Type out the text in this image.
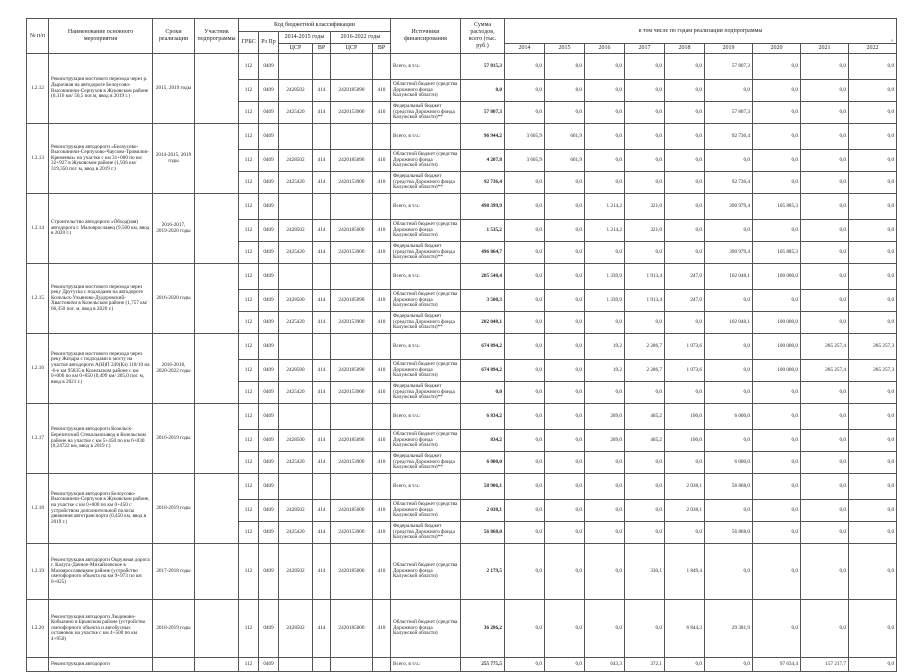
'
№ п/п	Наименование основного мероприятия	Сроки реализации	Участник подпрограммы	Код бюджетной классификации						Источники финансирования	Сумма расходов, всего (тыс. руб.)	в том числе по годам реализации подпрограммы								
				ГРБС	Рз Пр	2014-2015 годы		2016-2022 годы												
						ЦСР	ВР	ЦСР	ВР			2014	2015	2016	2017	2018	2019	2020	2021	2022
1.2.12	Реконструкция мостового перехода через р. Дырочная на автодороге Белоусово-Высокиничи-Серпухов в Жуковском районе (0,316 км/ 50,5 пог.м, ввод в 2019 г.)	2015, 2019 годы		112	0409					Всего, в т.ч.:	57 815,3	0,0	8,0	0,0	0,0	0,0	57 807,3	0,0	0,0	0,0
				112	0409	2428502	414	2420185090	410	Областной бюджет (средства Дорожного фонда Калужской области)	8,0	0,0	8,0	0,0	0,0	0,0	0,0	0,0	0,0	0,0
				112	0409	2425420	414	2420153900	410	Федеральный бюджет (средства Дорожного фонда Калужской области)**	57 807,3	0,0	0,0	0,0	0,0	0,0	57 807,3	0,0	0,0	0,0
1.2.13	Реконструкция автодороги «Белоусово-Высокиничи-Серпухово-Чаусово-Тровилов-Кременки» на участке с км 31+000 по км 32+927 в Жуковском районе (1,936 км/ 319,350 пог. м, ввод в 2019 г.)	2014-2015, 2019 годы		112	0409					Всего, в т.ч.:	96 944,2	3 605,9	601,9	0,0	0,0	0,0	92 736,4	0,0	0,0	0,0
				112	0409	2428502	414	2420185090	410	Областной бюджет (средства Дорожного фонда Калужской области)	4 207,8	3 605,9	601,9	0,0	0,0	0,0	0,0	0,0	0,0	0,0
				112	0409	2425420	414	2420153900	410	Федеральный бюджет (средства Дорожного фонда Калужской области)**	92 736,4	0,0	0,0	0,0	0,0	0,0	92 736,4	0,0	0,0	0,0
1.2.14	Строительство автодороги «Обход(ная) автодорога г. Малоярославец (9,500 км, ввод в 2020 г.)	2016-2017, 2019-2020 годы		112	0409					Всего, в т.ч.:	498 399,9	0,0	0,0	1 214,2	321,0	0,0	390 979,4	105 885,3	0,0	0,0
				112	0409	2428502	414	2420185000	410	Областной бюджет (средства Дорожного фонда Калужской области)	1 535,2	0,0	0,0	1 214,2	321,0	0,0	0,0	0,0	0,0	0,0
				112	0409	2425420	414	2420153900	410	Федеральный бюджет (средства Дорожного фонда Калужской области)**	496 864,7	0,0	0,0	0,0	0,0	0,0	390 979,4	105 885,3	0,0	0,0
1.2.15	Реконструкция мостового перехода через реку Другуска с подходами на автодороге Козельск-Ульяново-Дудоровский-Хвастовичи в Козельском районе (1,757 км/ 66,350 пог. м, ввод в 2020 г.)	2016-2020 годы		112	0409					Всего, в т.ч.:	205 548,4	0,0	0,0	1 339,9	1 913,4	247,0	102 048,1	100 000,0	0,0	0,0
				112	0409	2428500	414	2420185090	410	Областной бюджет (средства Дорожного фонда Калужской области)	3 500,3	0,0	0,0	1 339,9	1 913,4	247,0	0,0	0,0	0,0	0,0
				112	0409	2425420	414	2420153900	410	Федеральный бюджет (средства Дорожного фонда Калужской области)**	202 048,1	0,0	0,0	0,0	0,0	0,0	102 048,1	100 000,0	0,0	0,0
1.2.16	Реконструкция мостового перехода через реку Жиздра с подходами к мосту на участке автодороги А(Н)П 249(Кз) 118/10 на -6-е км 95835 в Козельском районе с км 0+000 по км 0+850 (0,499 км/ 205,0 пог. м, ввод в 2021 г.)	2016-2018, 2020-2022 годы		112	0409					Всего, в т.ч.:	674 894,2	0,0	0,0	19,2	2 286,7	1 073,6	0,0	100 000,0	285 257,4	285 257,3
				112	0409	2428500	414	2420185090	410	Областной бюджет (средства Дорожного фонда Калужской области)	674 894,2	0,0	0,0	19,2	2 286,7	1 073,6	0,0	100 000,0	285 257,4	285 257,3
				112	0409	2425420	414	2420153900	410	Федеральный бюджет (средства Дорожного фонда Калужской области)**	0,0	0,0	0,0	0,0	0,0	0,0	0,0	0,0	0,0	0,0
1.2.17	Реконструкция автодороги Козельск-Березичский Стекольнозавод в Козельском районе на участке с км 5+450 по км 6+030 (0,24722 км, ввод в 2019 г.)	2016-2019 годы		112	0409					Всего, в т.ч.:	6 834,2	0,0	0,0	269,0	465,2	100,0	6 000,0	0,0	0,0	0,0
				112	0409	2428500	414	2420185090	410	Областной бюджет (средства Дорожного фонда Калужской области)	834,2	0,0	0,0	269,0	465,2	100,0	0,0	0,0	0,0	0,0
				112	0409	2425420	414	2420153900	410	Федеральный бюджет (средства Дорожного фонда Калужской области)**	6 000,0	0,0	0,0	0,0	0,0	0,0	6 000,0	0,0	0,0	0,0
1.2.18	Реконструкция автодороги Белоусово-Высокиничи-Серпухов в Жуковском районе, на участке с км 0+000 по км 0+450 с устройством дополнительной полосы движения автотранспорта (0,450 км, ввод в 2019 г.)	2018-2019 годы		112	0409					Всего, в т.ч.:	58 906,1	0,0	0,0	0,0	0,0	2 038,1	56 868,0	0,0	0,0	0,0
				112	0409	2428502	414	2420185000	410	Областной бюджет (средства Дорожного фонда Калужской области)	2 038,1	0,0	0,0	0,0	0,0	2 038,1	0,0	0,0	0,0	0,0
				112	0409	2425420	414	2420153900	410	Федеральный бюджет (средства Дорожного фонда Калужской области)**	56 868,0	0,0	0,0	0,0	0,0	0,0	56 868,0	0,0	0,0	0,0
1.2.19	Реконструкция автодороги Окружная дорога г. Калуга-Дачное-Михайловское в Малоярославецком районе (устройство светофорного объекта на км 9+973 по км 0+025)	2017-2018 годы		112	0409	2428502	414	2420185000	410	Областной бюджет (средства Дорожного фонда Калужской области)	2 179,5	0,0	0,0	0,0	330,1	1 849,4	0,0	0,0	0,0	0,0
1.2.20	Реконструкция автодороги Людиново-Кобылино в Брынском районе (устройство светофорного объекта и автобусных остановок на участке с км 4+500 по км 4+950)	2018-2019 годы		112	0409	2428502	414	2420185000	410	Областной бюджет (средства Дорожного фонда Калужской области)	36 286,2	0,0	0,0	0,0	0,0	6 844,3	29 381,9	0,0	0,0	0,0
	Реконструкция автодороги			112	0409					Всего, в т.ч.:	255 775,5	0,0	0,0	643,3	372,1	0,0	0,0	97 634,4	157 217,7	0,0
